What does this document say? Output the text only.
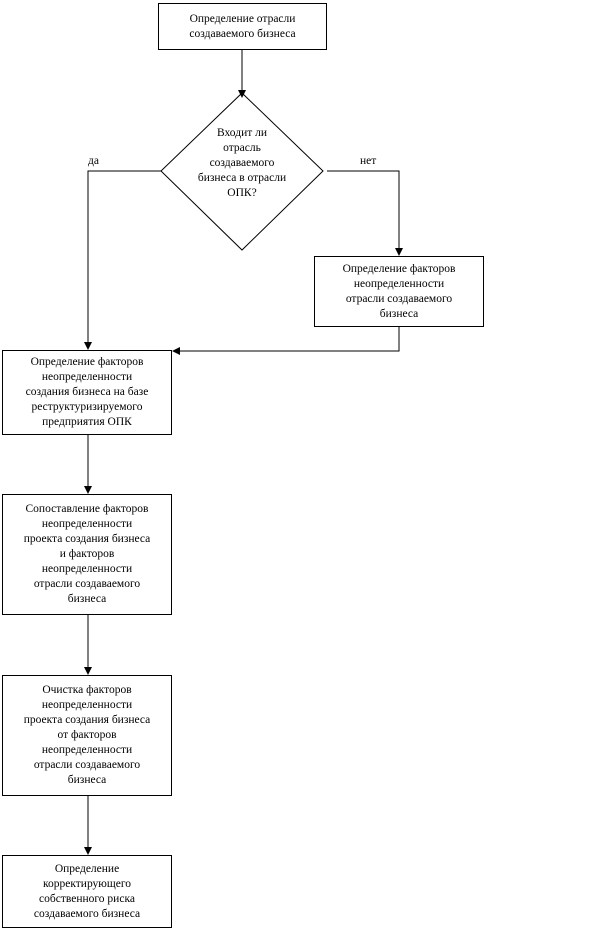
Определение отрасли
создаваемого бизнеса
Входит ли
отрасль
создаваемого
бизнеса в отрасли
ОПК?
да	нет
Определение факторов
неопределенности
отрасли создаваемого
бизнеса
Определение факторов
неопределенности
создания бизнеса на базе
реструктуризируемого
предприятия ОПК
Сопоставление факторов
неопределенности
проекта создания бизнеса
и факторов
неопределенности
отрасли создаваемого
бизнеса
Очистка факторов
неопределенности
проекта создания бизнеса
от факторов
неопределенности
отрасли создаваемого
бизнеса
Определение
корректирующего
собственного риска
создаваемого бизнеса
